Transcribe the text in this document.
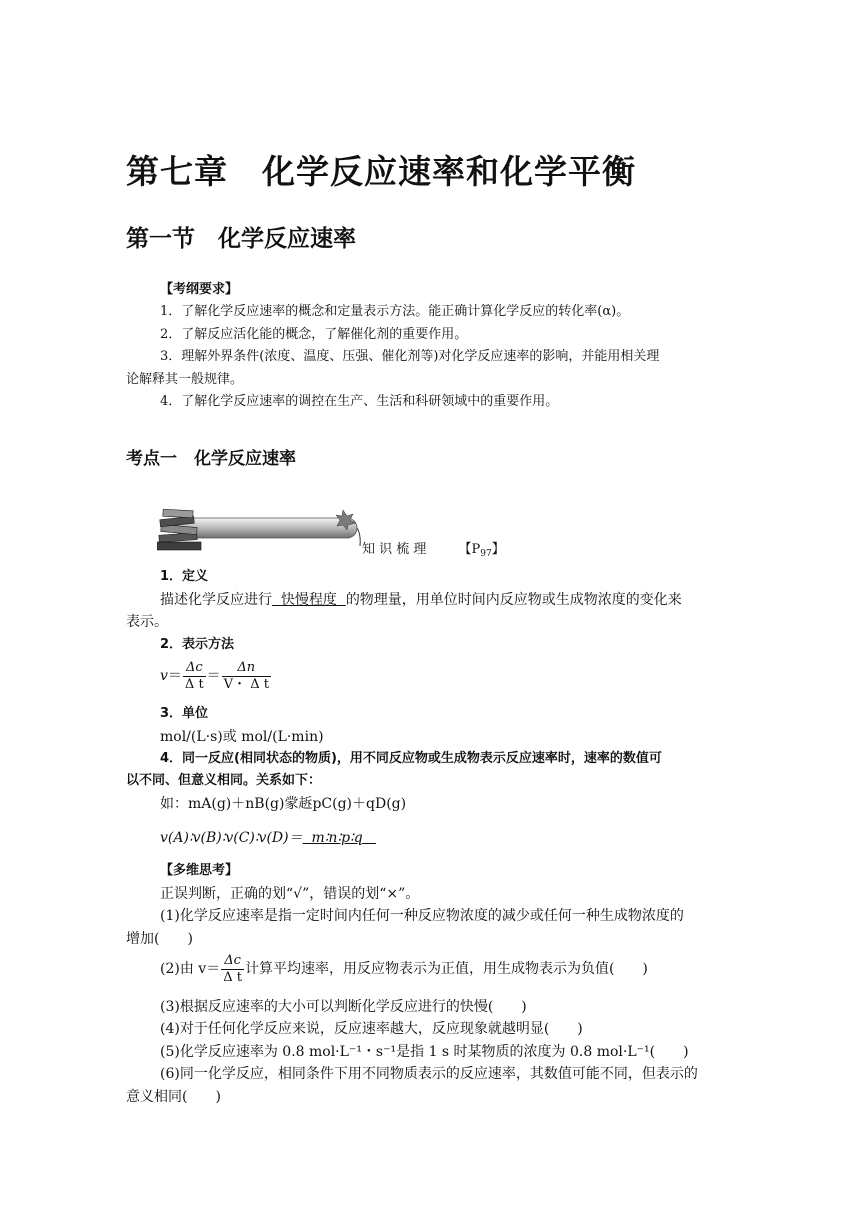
第七章　化学反应速率和化学平衡
第一节　化学反应速率
【考纲要求】
1．了解化学反应速率的概念和定量表示方法。能正确计算化学反应的转化率(α)。
2．了解反应活化能的概念，了解催化剂的重要作用。
3．理解外界条件(浓度、温度、压强、催化剂等)对化学反应速率的影响，并能用相关理
论解释其一般规律。
4．了解化学反应速率的调控在生产、生活和科研领域中的重要作用。
考点一　化学反应速率
知 识 梳 理 【$P_{97}$】
1．定义
描述化学反应进行 快慢程度 的物理量，用单位时间内反应物或生成物浓度的变化来
表示。
2．表示方法
$v= \frac{\Delta c}{\text{Δ t}} = \frac{\Delta n}{\text{V・ Δ t}}$
3．单位
mol/(L·s)或 mol/(L·min)
4．同一反应(相同状态的物质)，用不同反应物或生成物表示反应速率时，速率的数值可
以不同、但意义相同。关系如下：
如：mA(g)＋nB(g)䝉䞣pC(g)＋qD(g)
v(A)∶v(B)∶v(C)∶v(D)＝ m∶n∶p∶q
【多维思考】
正误判断，正确的划“√”，错误的划“×”。
(1)化学反应速率是指一定时间内任何一种反应物浓度的减少或任何一种生成物浓度的
增加(　　)
(2)由 $v= \frac{\Delta c}{\text{Δ t}}$ 计算平均速率，用反应物表示为正值，用生成物表示为负值(　　)
(3)根据反应速率的大小可以判断化学反应进行的快慢(　　)
(4)对于任何化学反应来说，反应速率越大，反应现象就越明显(　　)
(5)化学反应速率为 0.8 mol·L⁻¹・s⁻¹是指 1 s 时某物质的浓度为 0.8 mol·L⁻¹(　　)
(6)同一化学反应，相同条件下用不同物质表示的反应速率，其数值可能不同，但表示的
意义相同(　　)
